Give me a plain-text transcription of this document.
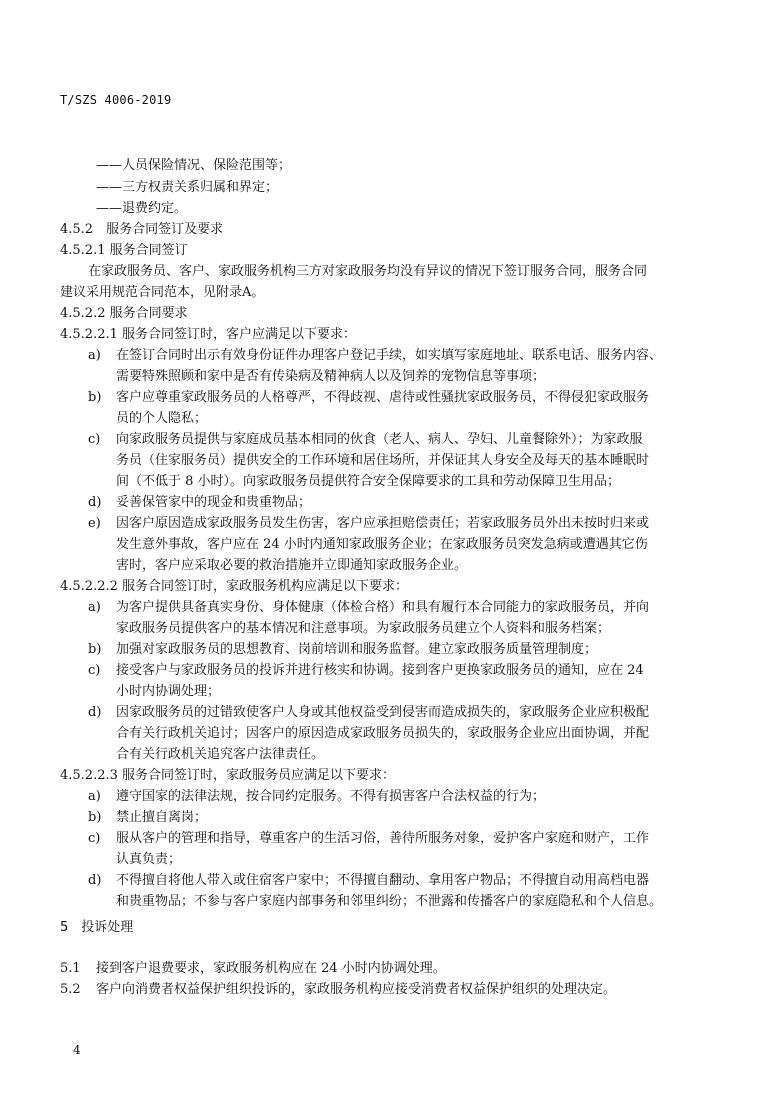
T/SZS 4006-2019
——人员保险情况、保险范围等；
——三方权责关系归属和界定；
——退费约定。
4.5.2　服务合同签订及要求
4.5.2.1 服务合同签订
在家政服务员、客户、家政服务机构三方对家政服务均没有异议的情况下签订服务合同，服务合同
建议采用规范合同范本，见附录A。
4.5.2.2 服务合同要求
4.5.2.2.1 服务合同签订时，客户应满足以下要求：
a) 在签订合同时出示有效身份证件办理客户登记手续，如实填写家庭地址、联系电话、服务内容、
需要特殊照顾和家中是否有传染病及精神病人以及饲养的宠物信息等事项；
b) 客户应尊重家政服务员的人格尊严，不得歧视、虐待或性骚扰家政服务员，不得侵犯家政服务
员的个人隐私；
c) 向家政服务员提供与家庭成员基本相同的伙食（老人、病人、孕妇、儿童餐除外）；为家政服
务员（住家服务员）提供安全的工作环境和居住场所，并保证其人身安全及每天的基本睡眠时
间（不低于 8 小时）。向家政服务员提供符合安全保障要求的工具和劳动保障卫生用品；
d) 妥善保管家中的现金和贵重物品；
e) 因客户原因造成家政服务员发生伤害，客户应承担赔偿责任；若家政服务员外出未按时归来或
发生意外事故，客户应在 24 小时内通知家政服务企业；在家政服务员突发急病或遭遇其它伤
害时，客户应采取必要的救治措施并立即通知家政服务企业。
4.5.2.2.2 服务合同签订时，家政服务机构应满足以下要求：
a) 为客户提供具备真实身份、身体健康（体检合格）和具有履行本合同能力的家政服务员，并向
家政服务员提供客户的基本情况和注意事项。为家政服务员建立个人资料和服务档案；
b) 加强对家政服务员的思想教育、岗前培训和服务监督。建立家政服务质量管理制度；
c) 接受客户与家政服务员的投诉并进行核实和协调。接到客户更换家政服务员的通知，应在 24
小时内协调处理；
d) 因家政服务员的过错致使客户人身或其他权益受到侵害而造成损失的，家政服务企业应积极配
合有关行政机关追讨；因客户的原因造成家政服务员损失的，家政服务企业应出面协调，并配
合有关行政机关追究客户法律责任。
4.5.2.2.3 服务合同签订时，家政服务员应满足以下要求：
a) 遵守国家的法律法规，按合同约定服务。不得有损害客户合法权益的行为；
b) 禁止擅自离岗；
c) 服从客户的管理和指导，尊重客户的生活习俗，善待所服务对象，爱护客户家庭和财产，工作
认真负责；
d) 不得擅自将他人带入或住宿客户家中；不得擅自翻动、拿用客户物品；不得擅自动用高档电器
和贵重物品；不参与客户家庭内部事务和邻里纠纷；不泄露和传播客户的家庭隐私和个人信息。
5　投诉处理
5.1 接到客户退费要求，家政服务机构应在 24 小时内协调处理。
5.2 客户向消费者权益保护组织投诉的，家政服务机构应接受消费者权益保护组织的处理决定。
4
